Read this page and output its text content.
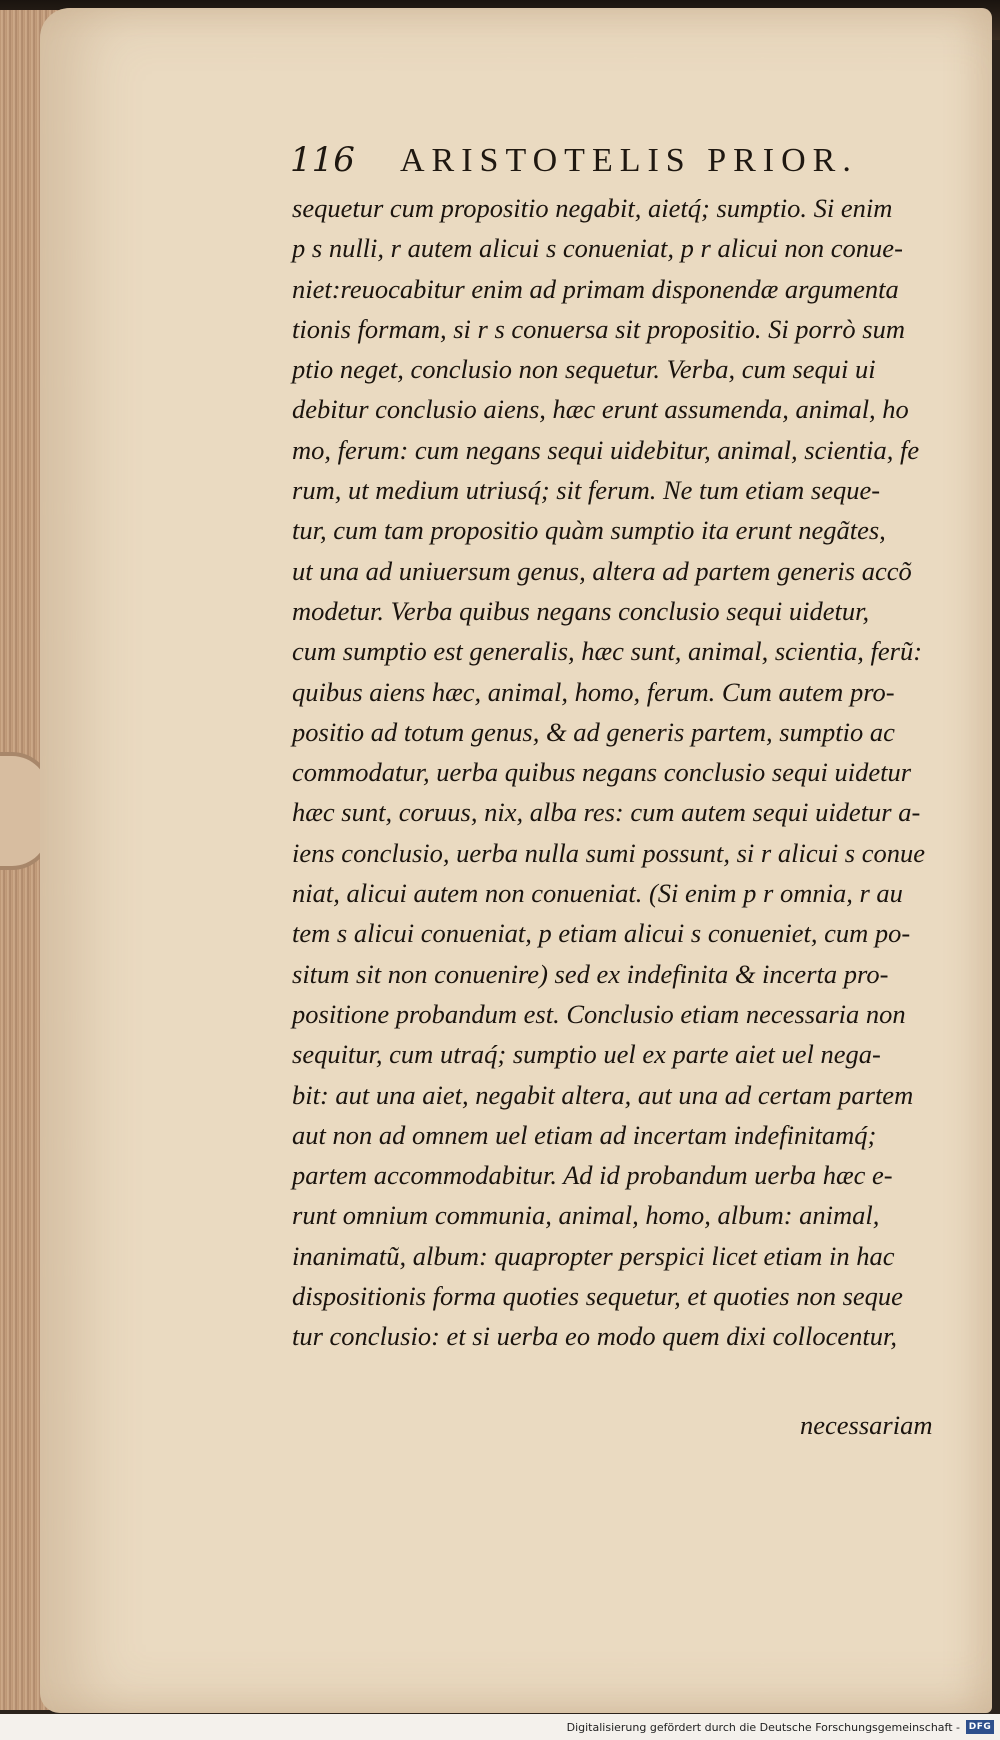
116	ARISTOTELIS PRIOR.
sequetur cum propositio negabit, aietq́; sumptio. Si enim
p s nulli, r autem alicui s conueniat, p r alicui non conue-
niet:reuocabitur enim ad primam disponendæ argumenta
tionis formam, si r s conuersa sit propositio. Si porrò sum
ptio neget, conclusio non sequetur. Verba, cum sequi ui
debitur conclusio aiens, hæc erunt assumenda, animal, ho
mo, ferum: cum negans sequi uidebitur, animal, scientia, fe
rum, ut medium utriusq́; sit ferum. Ne tum etiam seque-
tur, cum tam propositio quàm sumptio ita erunt negãtes,
ut una ad uniuersum genus, altera ad partem generis accõ
modetur. Verba quibus negans conclusio sequi uidetur,
cum sumptio est generalis, hæc sunt, animal, scientia, ferũ:
quibus aiens hæc, animal, homo, ferum. Cum autem pro-
positio ad totum genus, & ad generis partem, sumptio ac
commodatur, uerba quibus negans conclusio sequi uidetur
hæc sunt, coruus, nix, alba res: cum autem sequi uidetur a-
iens conclusio, uerba nulla sumi possunt, si r alicui s conue
niat, alicui autem non conueniat. (Si enim p r omnia, r au
tem s alicui conueniat, p etiam alicui s conueniet, cum po-
situm sit non conuenire) sed ex indefinita & incerta pro-
positione probandum est. Conclusio etiam necessaria non
sequitur, cum utraq́; sumptio uel ex parte aiet uel nega-
bit: aut una aiet, negabit altera, aut una ad certam partem
aut non ad omnem uel etiam ad incertam indefinitamq́;
partem accommodabitur. Ad id probandum uerba hæc e-
runt omnium communia, animal, homo, album: animal,
inanimatũ, album: quapropter perspici licet etiam in hac
dispositionis forma quoties sequetur, et quoties non seque
tur conclusio: et si uerba eo modo quem dixi collocentur,
necessariam
Digitalisierung gefördert durch die Deutsche Forschungsgemeinschaft - DFG
